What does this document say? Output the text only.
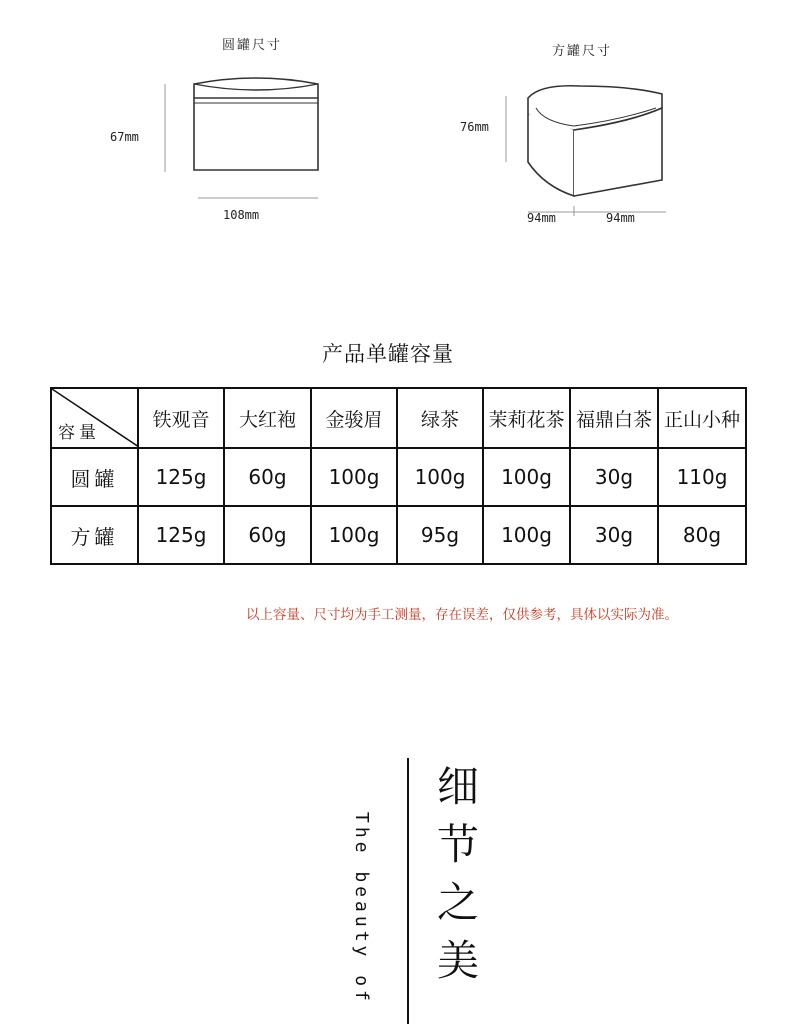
圆罐尺寸
67mm
108mm
方罐尺寸
76mm
94mm	94mm
产品单罐容量
容量	铁观音	大红袍	金骏眉	绿茶	茉莉花茶	福鼎白茶	正山小种
圆罐	125g	60g	100g	100g	100g	30g	110g
方罐	125g	60g	100g	95g	100g	30g	80g
以上容量、尺寸均为手工测量，存在误差，仅供参考，具体以实际为准。
The beauty of
细
节
之
美
